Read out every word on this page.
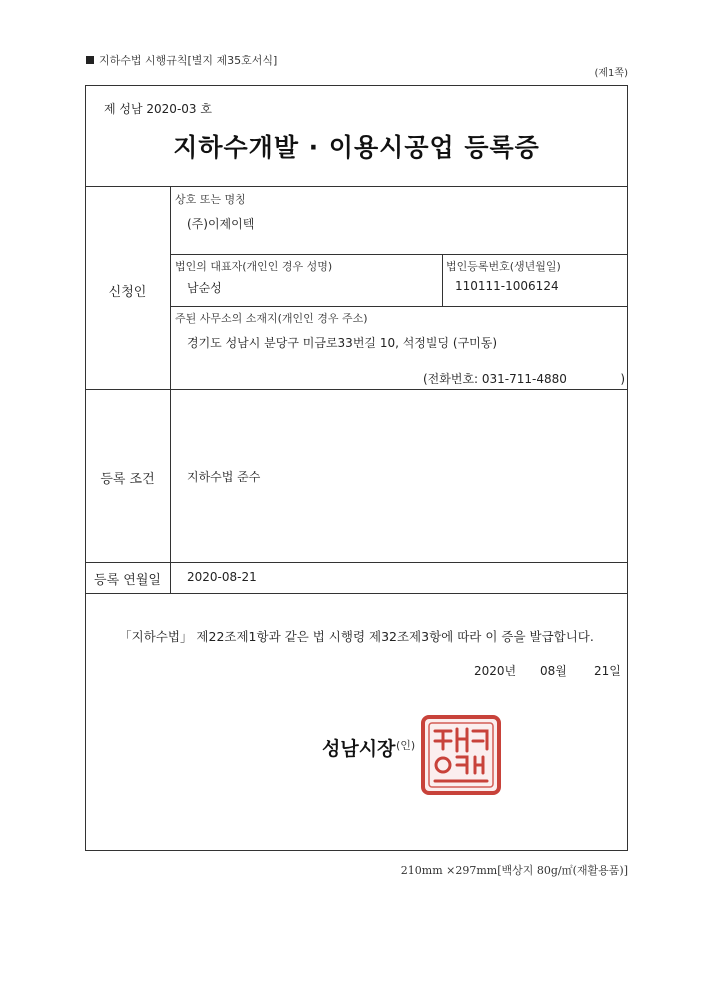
지하수법 시행규칙[별지 제35호서식]
(제1쪽)
제 성남 2020-03 호
지하수개발 · 이용시공업 등록증
신청인
상호 또는 명칭
(주)이제이텍
법인의 대표자(개인인 경우 성명)
남순성
법인등록번호(생년월일)
110111-1006124
주된 사무소의 소재지(개인인 경우 주소)
경기도 성남시 분당구 미금로33번길 10, 석정빌딩 (구미동)
(전화번호: 031-711-4880              )
등록 조건	지하수법 준수
등록 연월일	2020-08-21
「지하수법」 제22조제1항과 같은 법 시행령 제32조제3항에 따라 이 증을 발급합니다.
2020년 08월 21일
성남시장 (인)
210mm ×297mm[백상지 80g/㎡(재활용품)]
